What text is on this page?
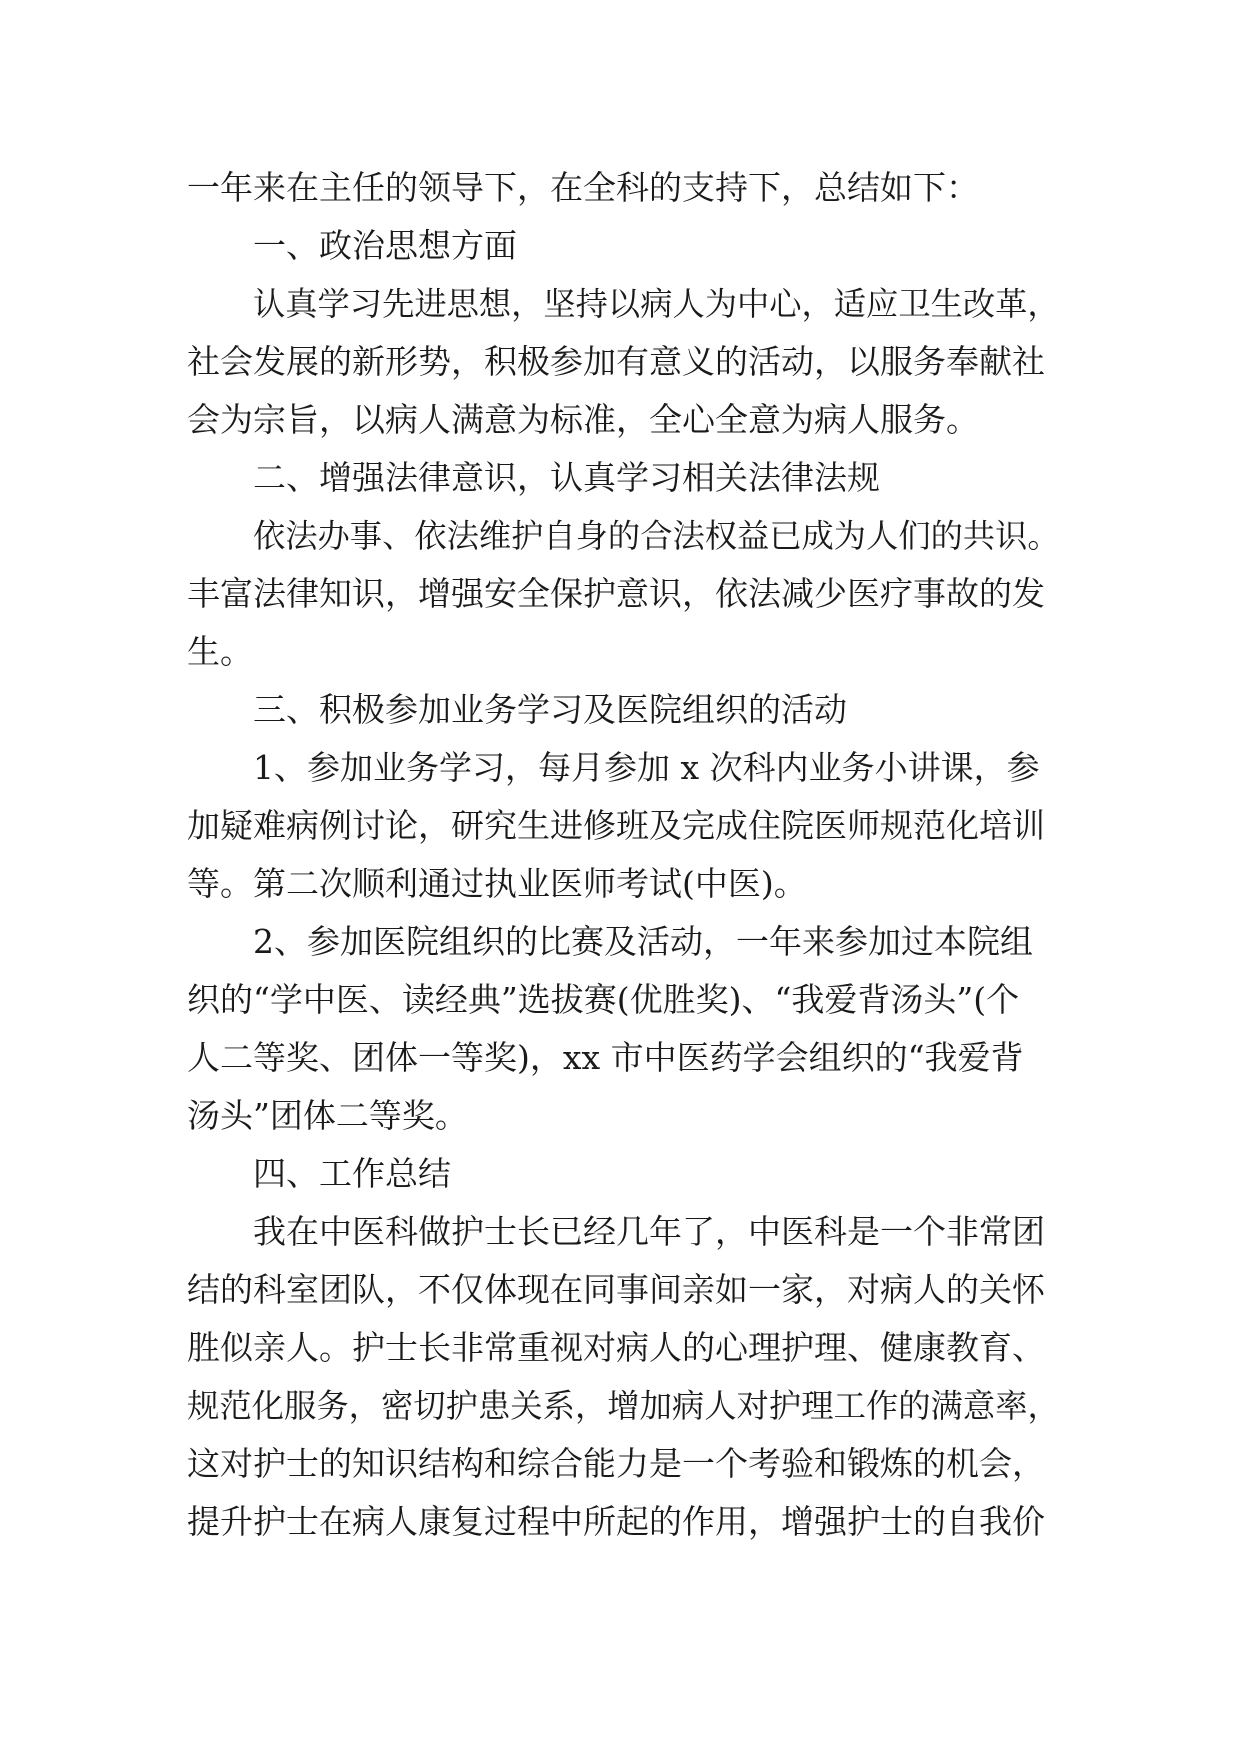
一年来在主任的领导下，在全科的支持下，总结如下：
一、政治思想方面
认真学习先进思想，坚持以病人为中心，适应卫生改革，
社会发展的新形势，积极参加有意义的活动，以服务奉献社
会为宗旨，以病人满意为标准，全心全意为病人服务。
二、增强法律意识，认真学习相关法律法规
依法办事、依法维护自身的合法权益已成为人们的共识。
丰富法律知识，增强安全保护意识，依法减少医疗事故的发
生。
三、积极参加业务学习及医院组织的活动
1、参加业务学习，每月参加 x 次科内业务小讲课，参
加疑难病例讨论，研究生进修班及完成住院医师规范化培训
等。第二次顺利通过执业医师考试(中医)。
2、参加医院组织的比赛及活动，一年来参加过本院组
织的“学中医、读经典”选拔赛(优胜奖)、“我爱背汤头”(个
人二等奖、团体一等奖)，xx 市中医药学会组织的“我爱背
汤头”团体二等奖。
四、工作总结
我在中医科做护士长已经几年了，中医科是一个非常团
结的科室团队，不仅体现在同事间亲如一家，对病人的关怀
胜似亲人。护士长非常重视对病人的心理护理、健康教育、
规范化服务，密切护患关系，增加病人对护理工作的满意率，
这对护士的知识结构和综合能力是一个考验和锻炼的机会，
提升护士在病人康复过程中所起的作用，增强护士的自我价
